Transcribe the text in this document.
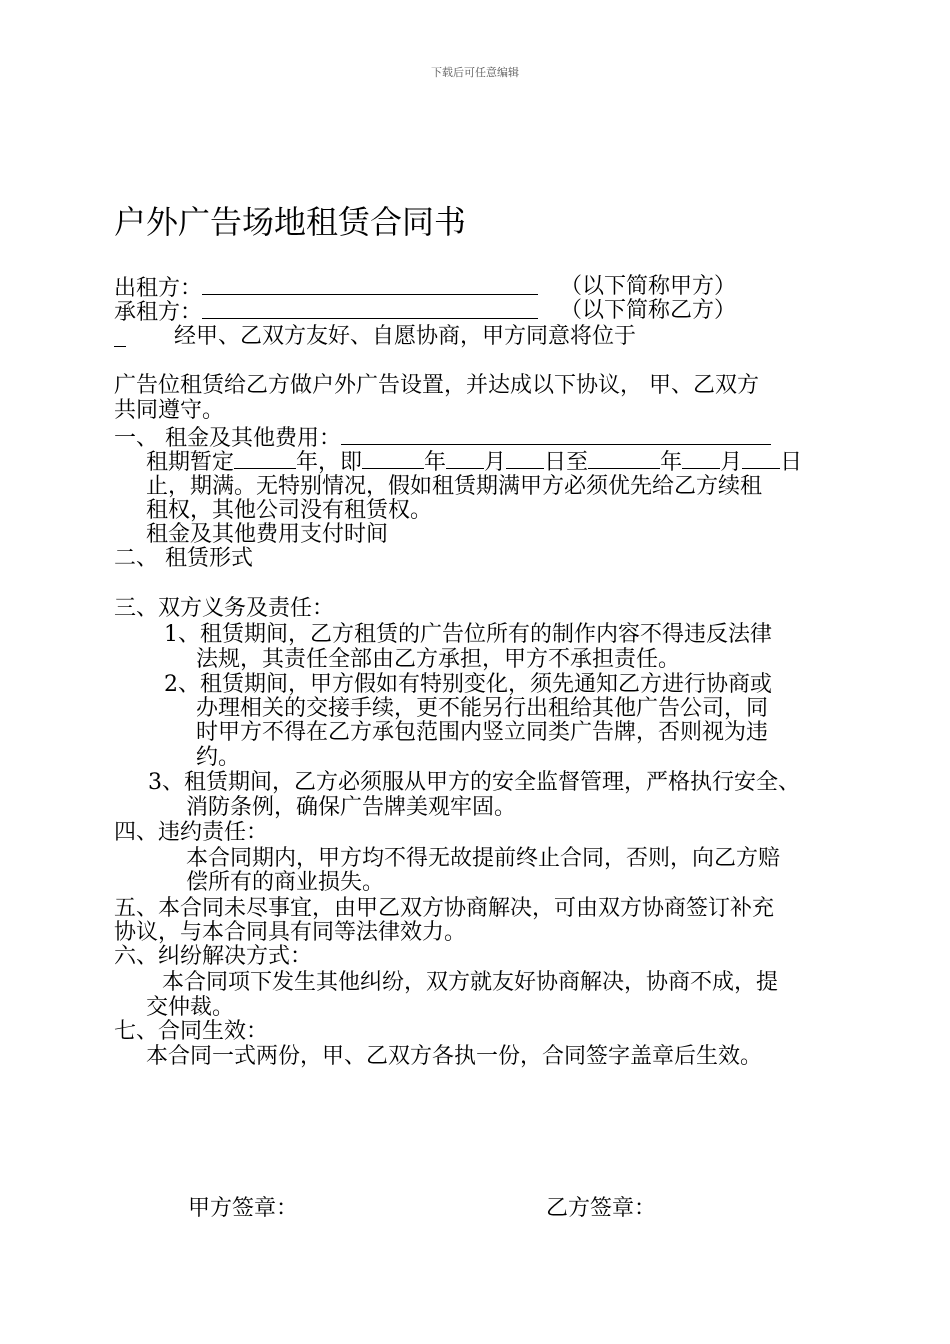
下载后可任意编辑
户外广告场地租赁合同书
出租方：	（以下简称甲方）
承租方：	（以下简称乙方）
经甲、乙双方友好、自愿协商，甲方同意将位于
广告位租赁给乙方做户外广告设置，并达成以下协议， 甲、乙双方
共同遵守。
一、 租金及其他费用：
租期暂定	年，即	年 月 日至	年 月 日
止，期满。无特别情况，假如租赁期满甲方必须优先给乙方续租
租权，其他公司没有租赁权。
租金及其他费用支付时间
二、 租赁形式
三、双方义务及责任：
1、租赁期间，乙方租赁的广告位所有的制作内容不得违反法律
法规，其责任全部由乙方承担，甲方不承担责任。
2、租赁期间，甲方假如有特别变化，须先通知乙方进行协商或
办理相关的交接手续，更不能另行出租给其他广告公司，同
时甲方不得在乙方承包范围内竖立同类广告牌，否则视为违
约。
3、租赁期间，乙方必须服从甲方的安全监督管理，严格执行安全、
消防条例，确保广告牌美观牢固。
四、违约责任：
本合同期内，甲方均不得无故提前终止合同，否则，向乙方赔
偿所有的商业损失。
五、本合同未尽事宜，由甲乙双方协商解决，可由双方协商签订补充
协议，与本合同具有同等法律效力。
六、纠纷解决方式：
本合同项下发生其他纠纷，双方就友好协商解决，协商不成，提
交仲裁。
七、合同生效：
本合同一式两份，甲、乙双方各执一份，合同签字盖章后生效。
甲方签章：	乙方签章：
